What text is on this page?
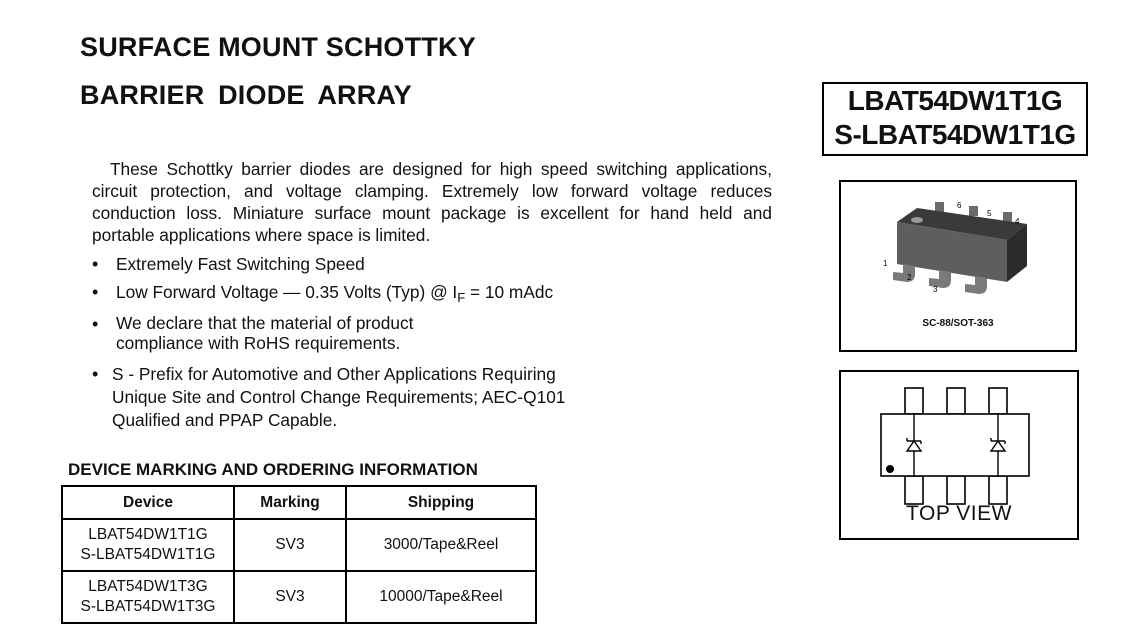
SURFACE MOUNT SCHOTTKY
BARRIER DIODE ARRAY
These Schottky barrier diodes are designed for high speed switching applications, circuit protection, and voltage clamping. Extremely low forward voltage reduces conduction loss. Miniature surface mount package is excellent for hand held and portable applications where space is limited.
• Extremely Fast Switching Speed
• Low Forward Voltage — 0.35 Volts (Typ) @ $I_F = 10$ mAdc
• We declare that the material of product
compliance with RoHS requirements.
• S - Prefix for Automotive and Other Applications Requiring
Unique Site and Control Change Requirements; AEC-Q101
Qualified and PPAP Capable.
DEVICE MARKING AND ORDERING INFORMATION
Device	Marking	Shipping
LBAT54DW1T1G
S-LBAT54DW1T1G	SV3	3000/Tape&Reel
LBAT54DW1T3G
S-LBAT54DW1T3G	SV3	10000/Tape&Reel
LBAT54DW1T1G
S-LBAT54DW1T1G
1
2
3
4
5
6
SC-88/SOT-363
TOP VIEW
